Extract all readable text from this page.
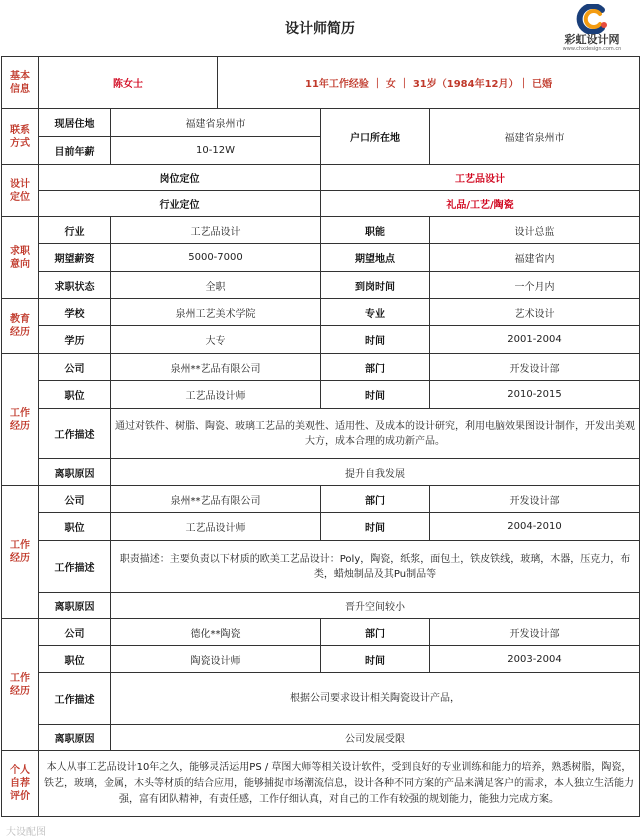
设计师简历
彩虹设计网
www.chxdesign.com.cn
基本信息	陈女士		11年工作经验 ｜ 女 ｜ 31岁（1984年12月）｜ 已婚		
联系方式	现居住地	福建省泉州市		户口所在地	福建省泉州市
	目前年薪	10-12W			
设计定位	岗位定位			工艺品设计	
	行业定位			礼品/工艺/陶瓷	
求职意向	行业	工艺品设计		职能	设计总监
	期望薪资	5000-7000		期望地点	福建省内
	求职状态	全职		到岗时间	一个月内
教育经历	学校	泉州工艺美术学院		专业	艺术设计
	学历	大专		时间	2001-2004
工作经历	公司	泉州**艺品有限公司		部门	开发设计部
	职位	工艺品设计师		时间	2010-2015
	工作描述	通过对铁件、树脂、陶瓷、玻璃工艺品的美观性、适用性、及成本的设计研究，利用电脑效果图设计制作，开发出美观大方，成本合理的成功新产品。			
	离职原因	提升自我发展			
工作经历	公司	泉州**艺品有限公司		部门	开发设计部
	职位	工艺品设计师		时间	2004-2010
	工作描述	职责描述：主要负责以下材质的欧美工艺品设计：Poly，陶瓷，纸浆，面包土，铁皮铁线，玻璃，木器，压克力，布类，蜡烛制品及其Pu制品等			
	离职原因	晋升空间较小			
工作经历	公司	德化**陶瓷		部门	开发设计部
	职位	陶瓷设计师		时间	2003-2004
	工作描述	根据公司要求设计相关陶瓷设计产品，			
	离职原因	公司发展受限			
个人自荐评价	本人从事工艺品设计10年之久，能够灵活运用PS / 草图大师等相关设计软件，受到良好的专业训练和能力的培养，熟悉树脂，陶瓷，铁艺，玻璃，金属，木头等材质的结合应用，能够捕捉市场潮流信息，设计各种不同方案的产品来满足客户的需求，本人独立生活能力强，富有团队精神，有责任感，工作仔细认真，对自己的工作有较强的规划能力，能独力完成方案。				
大设配图
